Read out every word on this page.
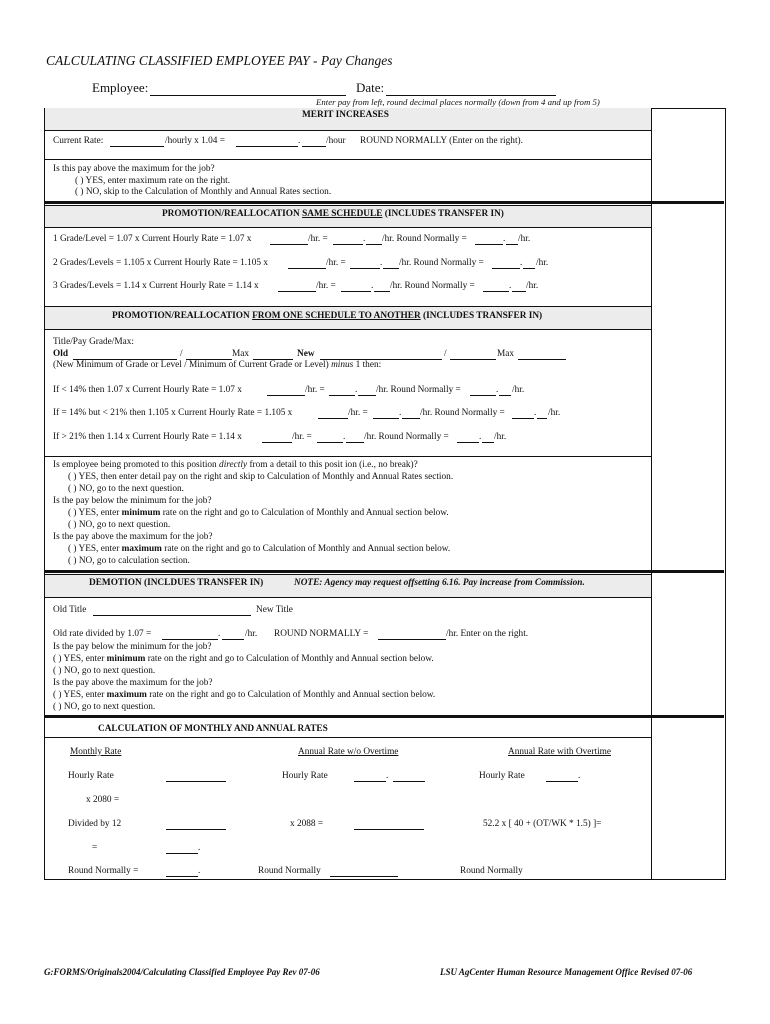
CALCULATING CLASSIFIED EMPLOYEE PAY - Pay Changes
Employee:	Date:
Enter pay from left, round decimal places normally (down from 4 and up from 5)
MERIT INCREASES
Current Rate:	/hourly x 1.04 =	.	/hour ROUND NORMALLY (Enter on the right).
Is this pay above the maximum for the job?
( ) YES, enter maximum rate on the right.
( ) NO, skip to the Calculation of Monthly and Annual Rates section.
PROMOTION/REALLOCATION SAME SCHEDULE (INCLUDES TRANSFER IN)
1 Grade/Level = 1.07 x Current Hourly Rate = 1.07 x	/hr. =	. /hr. Round Normally =	. /hr.
2 Grades/Levels = 1.105 x Current Hourly Rate = 1.105 x	/hr. =	. /hr. Round Normally =	. /hr.
3 Grades/Levels = 1.14 x Current Hourly Rate = 1.14 x	/hr. =	. /hr. Round Normally =	. /hr.
PROMOTION/REALLOCATION FROM ONE SCHEDULE TO ANOTHER (INCLUDES TRANSFER IN)
Title/Pay Grade/Max:
Old	/	Max	New	/	Max
(New Minimum of Grade or Level / Minimum of Current Grade or Level) minus 1 then:
If < 14% then 1.07 x Current Hourly Rate = 1.07 x	/hr. =	. /hr. Round Normally =	. /hr.
If = 14% but < 21% then 1.105 x Current Hourly Rate = 1.105 x	/hr. =	. /hr. Round Normally =	. /hr.
If > 21% then 1.14 x Current Hourly Rate = 1.14 x	/hr. =	. /hr. Round Normally =	. /hr.
Is employee being promoted to this position directly from a detail to this posit ion (i.e., no break)?
( ) YES, then enter detail pay on the right and skip to Calculation of Monthly and Annual Rates section.
( ) NO, go to the next question.
Is the pay below the minimum for the job?
( ) YES, enter minimum rate on the right and go to Calculation of Monthly and Annual section below.
( ) NO, go to next question.
Is the pay above the maximum for the job?
( ) YES, enter maximum rate on the right and go to Calculation of Monthly and Annual section below.
( ) NO, go to calculation section.
DEMOTION (INCLDUES TRANSFER IN)	NOTE: Agency may request offsetting 6.16. Pay increase from Commission.
Old Title	New Title
Old rate divided by 1.07 =	.	/hr. ROUND NORMALLY =	/hr. Enter on the right.
Is the pay below the minimum for the job?
( ) YES, enter minimum rate on the right and go to Calculation of Monthly and Annual section below.
( ) NO, go to next question.
Is the pay above the maximum for the job?
( ) YES, enter maximum rate on the right and go to Calculation of Monthly and Annual section below.
( ) NO, go to next question.
CALCULATION OF MONTHLY AND ANNUAL RATES
Monthly Rate	Annual Rate w/o Overtime	Annual Rate with Overtime
Hourly Rate	Hourly Rate	.	Hourly Rate	.
x 2080 =
Divided by 12	x 2088 =	52.2 x [ 40 + (OT/WK * 1.5) ]=
=	.
Round Normally =	.	Round Normally	Round Normally
G:FORMS/Originals2004/Calculating Classified Employee Pay Rev 07-06	LSU AgCenter Human Resource Management Office Revised 07-06
